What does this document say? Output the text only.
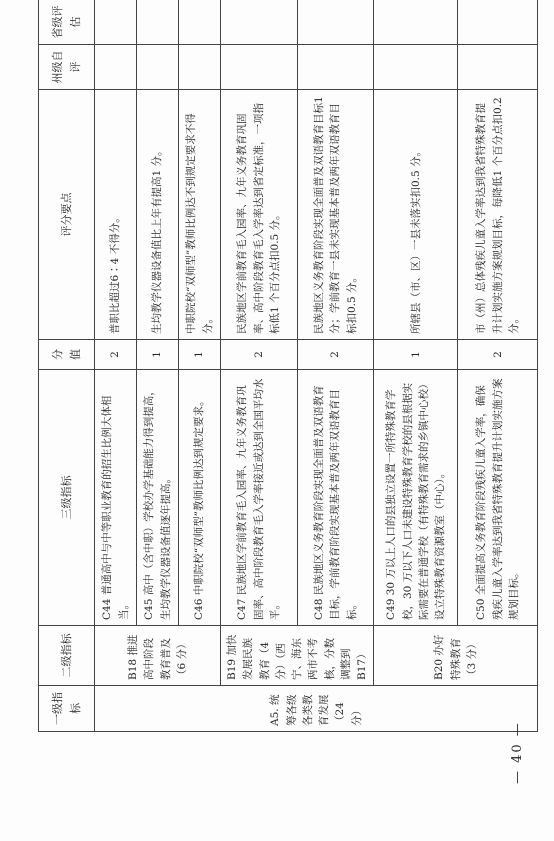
一级指标	二级指标	三级指标	分值	评分要点	州级自评	省级评估
A5. 统筹各级各类教育发展（24 分）	B18 推进高中阶段教育普及（6 分）	C44 普通高中与中等职业教育的招生比例大体相当。	2	普职比超过6∶4 不得分。		
		C45 高中（含中职）学校办学基础能力得到提高，生均教学仪器设备值逐年提高。	1	生均教学仪器设备值比上年有提高1 分。		
		C46 中职院校“双师型”教师比例达到规定要求。	1	中职院校“双师型”教师比例达不到规定要求不得分。		
	B19 加快发展民族教育（4 分）（西宁、海东两市不考核，分数调整到B17）	C47 民族地区学前教育毛入园率、九年义务教育巩固率、高中阶段教育毛入学率接近或达到全国平均水平。	2	民族地区学前教育毛入园率、九年义务教育巩固率、高中阶段教育毛入学率达到省定标准，一项指标低1 个百分点扣0.5 分。		
		C48 民族地区义务教育阶段实现全面普及双语教育目标，学前教育阶段实现基本普及两年双语教育目标。	2	民族地区义务教育阶段实现全面普及双语教育目标1 分；学前教育一县未实现基本普及两年双语教育目标扣0.5 分。		
	B20 办好特殊教育（3 分）	C49 30 万以上人口的县独立设置一所特殊教育学校，30 万以下人口未建设特殊教育学校的县根据实际需要在普通学校（有特殊教育需求的乡镇中心校）设立特殊教育资源教室（中心）。	1	所辖县（市、区）一县未落实扣0.5 分。		
		C50 全面提高义务教育阶段残疾儿童入学率，确保残疾儿童入学率达到我省特殊教育提升计划实施方案规划目标。	2	市（州）总体残疾儿童入学率达到我省特殊教育提升计划实施方案规划目标，每降低1 个百分点扣0.2 分。		
— 40 —
